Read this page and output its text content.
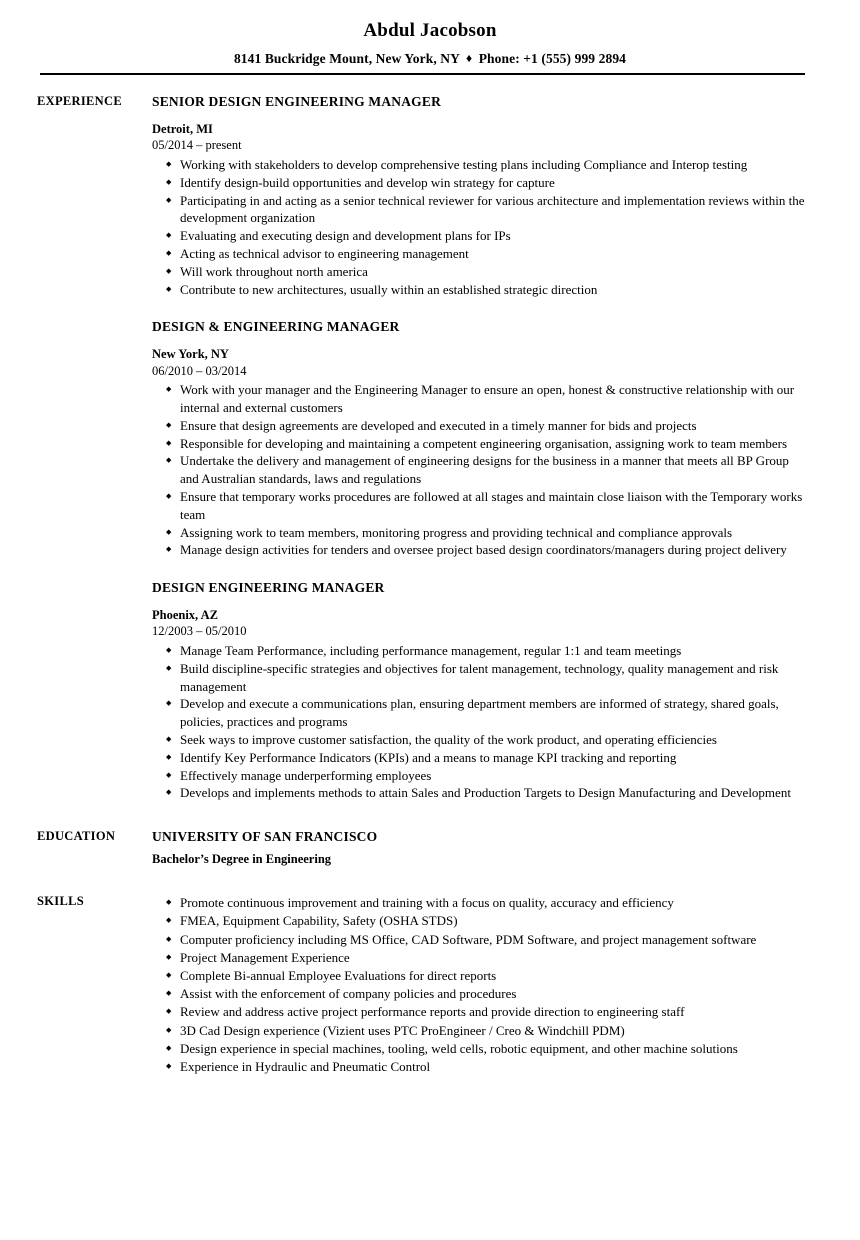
Abdul Jacobson
8141 Buckridge Mount, New York, NY ♦ Phone: +1 (555) 999 2894
EXPERIENCE	SENIOR DESIGN ENGINEERING MANAGER
Detroit, MI
05/2014 – present
◆ Working with stakeholders to develop comprehensive testing plans including Compliance and Interop testing
◆ Identify design-build opportunities and develop win strategy for capture
◆ Participating in and acting as a senior technical reviewer for various architecture and implementation reviews within the development organization
◆ Evaluating and executing design and development plans for IPs
◆ Acting as technical advisor to engineering management
◆ Will work throughout north america
◆ Contribute to new architectures, usually within an established strategic direction
DESIGN & ENGINEERING MANAGER
New York, NY
06/2010 – 03/2014
◆ Work with your manager and the Engineering Manager to ensure an open, honest & constructive relationship with our internal and external customers
◆ Ensure that design agreements are developed and executed in a timely manner for bids and projects
◆ Responsible for developing and maintaining a competent engineering organisation, assigning work to team members
◆ Undertake the delivery and management of engineering designs for the business in a manner that meets all BP Group and Australian standards, laws and regulations
◆ Ensure that temporary works procedures are followed at all stages and maintain close liaison with the Temporary works team
◆ Assigning work to team members, monitoring progress and providing technical and compliance approvals
◆ Manage design activities for tenders and oversee project based design coordinators/managers during project delivery
DESIGN ENGINEERING MANAGER
Phoenix, AZ
12/2003 – 05/2010
◆ Manage Team Performance, including performance management, regular 1:1 and team meetings
◆ Build discipline-specific strategies and objectives for talent management, technology, quality management and risk management
◆ Develop and execute a communications plan, ensuring department members are informed of strategy, shared goals, policies, practices and programs
◆ Seek ways to improve customer satisfaction, the quality of the work product, and operating efficiencies
◆ Identify Key Performance Indicators (KPIs) and a means to manage KPI tracking and reporting
◆ Effectively manage underperforming employees
◆ Develops and implements methods to attain Sales and Production Targets to Design Manufacturing and Development
EDUCATION	UNIVERSITY OF SAN FRANCISCO
Bachelor’s Degree in Engineering
SKILLS	◆ Promote continuous improvement and training with a focus on quality, accuracy and efficiency
◆ FMEA, Equipment Capability, Safety (OSHA STDS)
◆ Computer proficiency including MS Office, CAD Software, PDM Software, and project management software
◆ Project Management Experience
◆ Complete Bi-annual Employee Evaluations for direct reports
◆ Assist with the enforcement of company policies and procedures
◆ Review and address active project performance reports and provide direction to engineering staff
◆ 3D Cad Design experience (Vizient uses PTC ProEngineer / Creo & Windchill PDM)
◆ Design experience in special machines, tooling, weld cells, robotic equipment, and other machine solutions
◆ Experience in Hydraulic and Pneumatic Control
